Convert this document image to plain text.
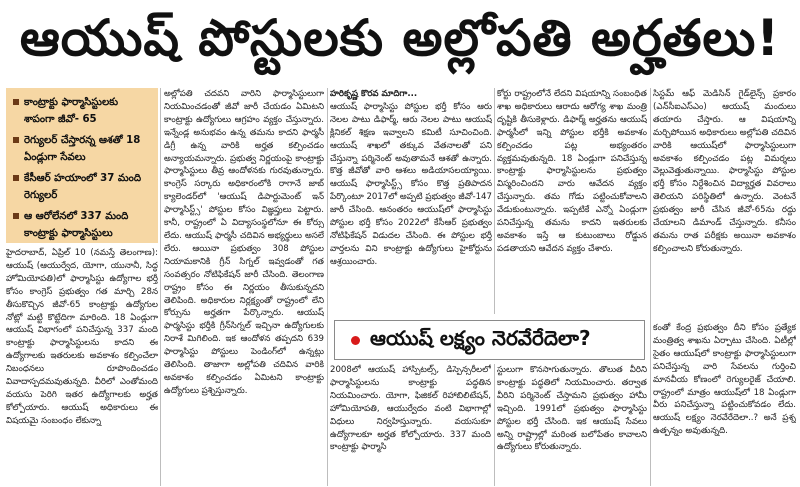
ఆయుష్ పోస్టులకు అల్లోపతి అర్హతలు!
కాంట్రాక్టు ఫార్మాసిస్టులకు శాపంగా జీవో- 65
రెగ్యులర్ చేస్తారన్న ఆశతో 18 ఏండ్లుగా సేవలు
కేసీఆర్ హయాంలో 37 మంది రెగ్యులర్
ఆ ఆరోలేనలో 337 మంది కాంట్రాక్టు ఫార్మాసిస్టులు

హైదరాబాద్, ఏప్రిల్ 10 (నమస్తే తెలంగాణ): ఆయుష్ (ఆయుర్వేద, యోగా, యునానీ, సిద్ధ హోమియోపతి)లో ఫార్మాసిస్టు ఉద్యోగాల భర్తీ కోసం కాంగ్రెస్ ప్రభుత్వం గత మార్చి 28న తీసుకొచ్చిన జీవో-65 కాంట్రాక్టు ఉద్యోగుల నోట్లో మట్టి కొట్టేదిగా మారింది. 18 ఏండ్లుగా ఆయుష్ విభాగంలో పనిచేస్తున్న 337 మంది కాంట్రాక్టు ఫార్మాసిస్టులను కాదని ఈ ఉద్యోగాలకు ఇతరులకు అవకాశం కల్పించేలా నిబంధనలు రూపొందించడం వివాదాస్పదమవుతున్నది. వీరిలో ఎంతోమంది వయసు పెరిగి ఇతర ఉద్యోగాలకు అర్హత కోల్పోయారు. ఆయుష్ అధికారులు ఈ విషయమై సంబంధం లేకున్నా

అల్లోపతి చదవని వారిని ఫార్మాసిస్టులుగా నియమించడంతో జీవో జారీ చేయడం ఏమిటని కాంట్రాక్టు ఉద్యోగులు ఆగ్రహం వ్యక్తం చేస్తున్నారు. ఇన్నేండ్ల అనుభవం ఉన్న తమను కాదని ఫార్మసీ డిగ్రీ ఉన్న వారికి అర్హత కల్పించడం అన్యాయమన్నారు. ప్రభుత్వ నిర్ణయంపై కాంట్రాక్టు ఫార్మాసిస్టులు తీవ్ర ఆందోళనకు గురవుతున్నారు. కాంగ్రెస్ సర్కారు అధికారంలోకి రాగానే జాబ్ క్యాలెండర్‌లో 'ఆయుష్ డిపార్టుమెంట్ ఇన్ ఫార్మాసిస్ట్స్' పోస్టుల కోసం విజ్ఞప్తులు పెట్టారు. కానీ, రాష్ట్రంలో ఏ విద్యాసంస్థలోనూ ఈ కోర్సు లేదు. ఆయుష్ ఫార్మసీ చదివిన అభ్యర్థులు అసలే లేరు. ఆయినా ప్రభుత్వం 308 పోస్టుల నియామకానికి గ్రీన్ సిగ్నల్ ఇవ్వడంతో గత సంవత్సరం నోటిఫికేషన్ జారీ చేసింది. తెలంగాణ రాష్ట్రం కోసం ఈ నిర్ణయం తీసుకున్నదని తెలిపింది. అధికారుల నిర్లక్ష్యంతో రాష్ట్రంలో లేని కోర్సును అర్హతగా పేర్కొన్నారు. ఆయుష్ ఫార్మసిస్టు భర్తీకి గ్రీన్‌సిగ్నల్ ఇచ్చినా ఉద్యోగులకు నిరాశే మిగిలింది. ఇక ఆందోళన తప్పదని 639 ఫార్మాసిస్టు పోస్టులు పెండింగ్‌లో ఉన్నట్లు తెలిసింది. తాజాగా అల్లోపతి చదివిన వారికి అవకాశం కల్పించడం ఏమిటని కాంట్రాక్టు ఉద్యోగులు ప్రశ్నిస్తున్నారు.

హరికృష్ణ కొరవ మాదిగా...

ఆయుష్ ఫార్మాసిస్టు పోస్టుల భర్తీ కోసం ఆరు నెలల పాటు డిఫార్మ్, ఆరు నెలల పాటు ఆయుష్ క్లినికల్ శిక్షణ ఇవ్వాలని కమిటీ సూచించింది. ఆయుష్ శాఖలో తక్కువ వేతనాలతో పని చేస్తున్నా పర్మినెంట్ అవుతామనే ఆశతో ఉన్నారు. కొత్త జీవోతో వారి ఆశలు అడియాసలయ్యాయి. ఆయుష్ ఫార్మాసిస్ట్స్ కోసం కొత్త ప్రతిపాదన పేర్కొంటూ 2017లో అప్పటి ప్రభుత్వం జీవో-147 జారీ చేసింది. ఆనంతరం ఆయుష్‌లో ఫార్మాసిస్టు పోస్టుల భర్తీ కోసం 2022లో కేసీఆర్ ప్రభుత్వం నోటిఫికేషన్ విడుదల చేసింది. ఈ పోస్టుల భర్తీ వార్తలను విని కాంట్రాక్టు ఉద్యోగులు హైకోర్టును ఆశ్రయించారు.

కోర్టు రాష్ట్రంలోనే లేదని విషయాన్ని సంబంధిత శాఖ అధికారులు ఆరాదు ఆరోగ్య శాఖ మంత్రి దృష్టికి తీసుకెళ్లారు. డిఫార్మ్ అర్హతను ఆయుష్ ఫార్మసీలో ఇన్ని పోస్టుల భర్తీకి అవకాశం కల్పించడం పట్ల అభ్యంతరం వ్యక్తమవుతున్నది. 18 ఏండ్లుగా పనిచేస్తున్న కాంట్రాక్టు ఫార్మాసిస్టులను ప్రభుత్వం విస్మరించిందని వారు ఆవేదన వ్యక్తం చేస్తున్నారు. తమ గోడు పట్టించుకోవాలని వేడుకుంటున్నారు. ఇప్పటికే ఎన్నో ఏండ్లుగా పనిచేస్తున్న తమను కాదని ఇతరులకు అవకాశం ఇస్తే ఆ కుటుంబాలు రోడ్డున పడతాయని ఆవేదన వ్యక్తం చేశారు.

సిస్టమ్ ఆఫ్ మెడిసిన్ గైడ్‌లైన్స్ ప్రకారం (ఎన్‌సీఐఎస్‌ఎం) ఆయుష్ మందులు తయారు చేస్తారు. ఆ విషయాన్ని మర్చిపోయిన అధికారులు అల్లోపతి చదివిన వారికి ఆయుష్‌లో ఫార్మాసిస్టులుగా అవకాశం కల్పించడం పట్ల విమర్శలు వెల్లువెత్తుతున్నాయి. ఫార్మాసిస్టు పోస్టుల భర్తీ కోసం నిర్దేశించిన విద్యార్హత వివరాలు తెలియని పరిస్థితిలో ఉన్నారు. వెంటనే ప్రభుత్వం జారీ చేసిన జీవో-65ను రద్దు చేయాలని డిమాండ్ చేస్తున్నారు. కనీసం తమను రాత పరీక్షకు అయినా అవకాశం కల్పించాలని కోరుతున్నారు.

ఆయుష్ లక్ష్యం నెరవేరేదెలా?

2008లో ఆయుష్ హాస్పిటల్స్, డిస్పెన్సరీలలో ఫార్మాసిస్టులను కాంట్రాక్టు పద్ధతిన నియమించారు. యోగా, ఫిజికల్ రిహాబిలిటేషన్, హోమియోపతి, ఆయుర్వేదం వంటి విభాగాల్లో విధులు నిర్వహిస్తున్నారు. వయసుకూ ఉద్యోగాలకూ అర్హత కోల్పోయారు. 337 మంది కాంట్రాక్టు ఫార్మాసి

స్టులుగా కొనసాగుతున్నారు. తొలుత వీరిని కాంట్రాక్టు పద్ధతిలో నియమించారు. తర్వాత వీరిని పర్మినెంట్ చేస్తామని ప్రభుత్వం హామీ ఇచ్చింది. 1991లో ప్రభుత్వం ఫార్మాసిస్టు పోస్టుల భర్తీ చేసింది. ఇక ఆయుష్ సేవలు అన్ని రాష్ట్రాల్లో మరింత బలోపేతం కావాలని ఉద్యోగులు కోరుతున్నారు.

కంతో కేంద్ర ప్రభుత్వం దీని కోసం ప్రత్యేక మంత్రిత్వ శాఖను ఏర్పాటు చేసింది. ఏటీల్లో సైతం ఆయుష్‌లో కాంట్రాక్టు ఫార్మాసిస్టులుగా పనిచేస్తున్న వారి సేవలను గుర్తించి మానవీయ కోణంలో రెగ్యులరైజ్ చేయాలి. రాష్ట్రంలో మాత్రం ఆయుష్‌లో 18 ఏండ్లుగా వీరు పనిచేస్తున్నా పట్టించుకోవడం లేదు. ఆయుష్ లక్ష్యం నెరవేరేదెలా..? అనే ప్రశ్న ఉత్పన్నం అవుతున్నది.
